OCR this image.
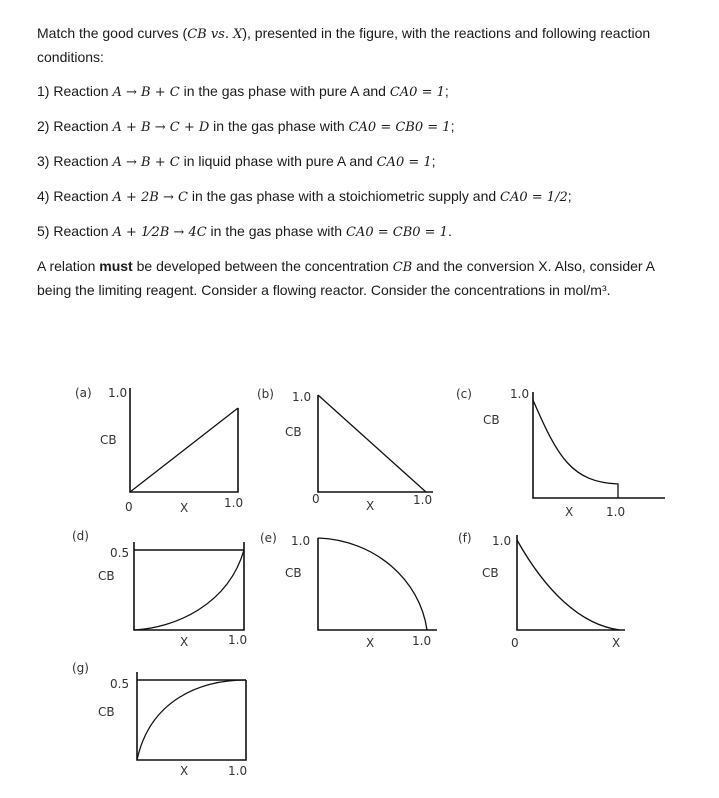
Match the good curves (CB vs. X), presented in the figure, with the reactions and following reaction conditions:

1) Reaction A → B + C in the gas phase with pure A and CA0 = 1;

2) Reaction A + B → C + D in the gas phase with CA0 = CB0 = 1;

3) Reaction A → B + C in liquid phase with pure A and CA0 = 1;

4) Reaction A + 2B → C in the gas phase with a stoichiometric supply and CA0 = 1/2;

5) Reaction A + 1⁄2B → 4C in the gas phase with CA0 = CB0 = 1.

A relation must be developed between the concentration CB and the conversion X. Also, consider A being the limiting reagent. Consider a flowing reactor. Consider the concentrations in mol/m³.

(a) 1.0
CB
0	X	1.0
(b) 1.0
CB
0	X	1.0
(c)	1.0
CB
X	1.0
(d)
0.5
CB
X	1.0
(e) 1.0
CB
X	1.0
(f) 1.0
CB
0	X
(g)
0.5
CB
X	1.0
